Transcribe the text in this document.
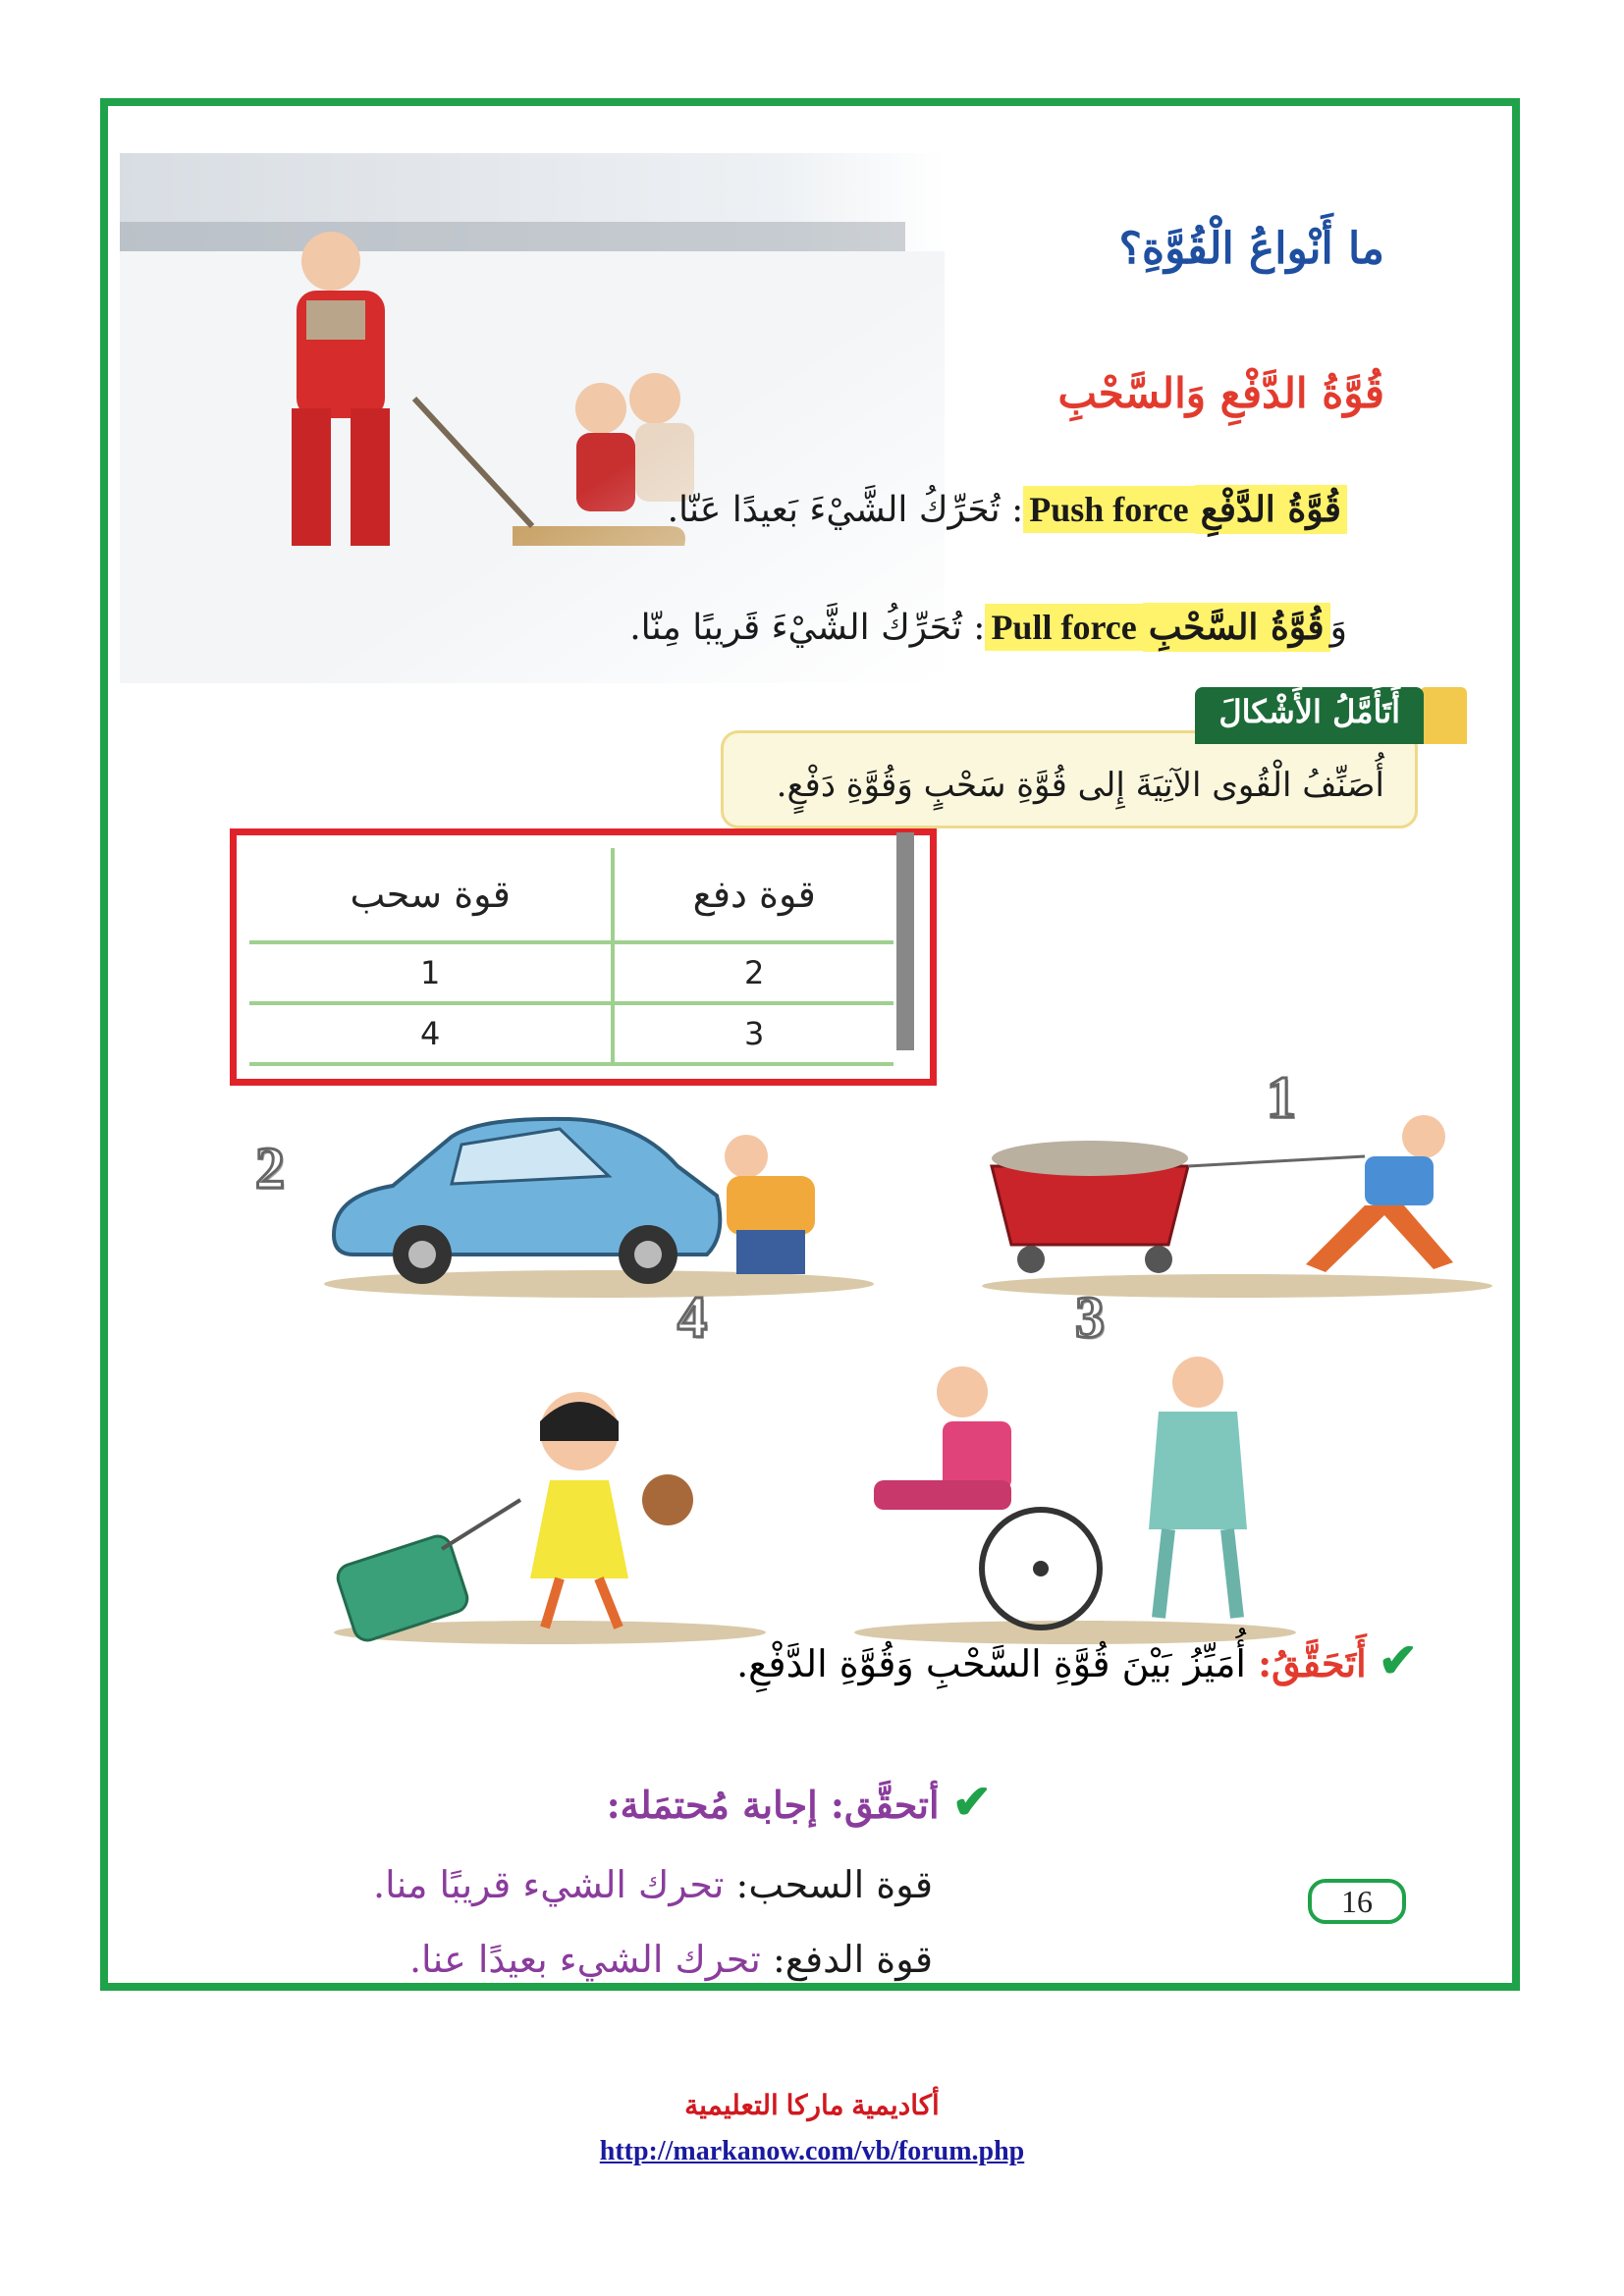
ما أَنْواعُ الْقُوَّةِ؟
قُوَّةُ الدَّفْعِ وَالسَّحْبِ
قُوَّةُ الدَّفْعِPush force: تُحَرِّكُ الشَّيْءَ بَعيدًا عَنّا.
وَقُوَّةُ السَّحْبِPull force: تُحَرِّكُ الشَّيْءَ قَريبًا مِنّا.
أَتَأَمَّلُ الأَشْكالَ
أُصَنِّفُ الْقُوى الآتِيَةَ إِلى قُوَّةِ سَحْبٍ وَقُوَّةِ دَفْعٍ.
قوة سحب	قوة دفع
1	2
4	3
2
1
4	3
✔ أَتَحَقَّقُ: أُمَيِّزُ بَيْنَ قُوَّةِ السَّحْبِ وَقُوَّةِ الدَّفْعِ.
✔ أتحقَّق: إجابة مُحتمَلة:
قوة السحب: تحرك الشيء قريبًا منا.
قوة الدفع: تحرك الشيء بعيدًا عنا.
16
أكاديمية ماركا التعليمية
http://markanow.com/vb/forum.php
